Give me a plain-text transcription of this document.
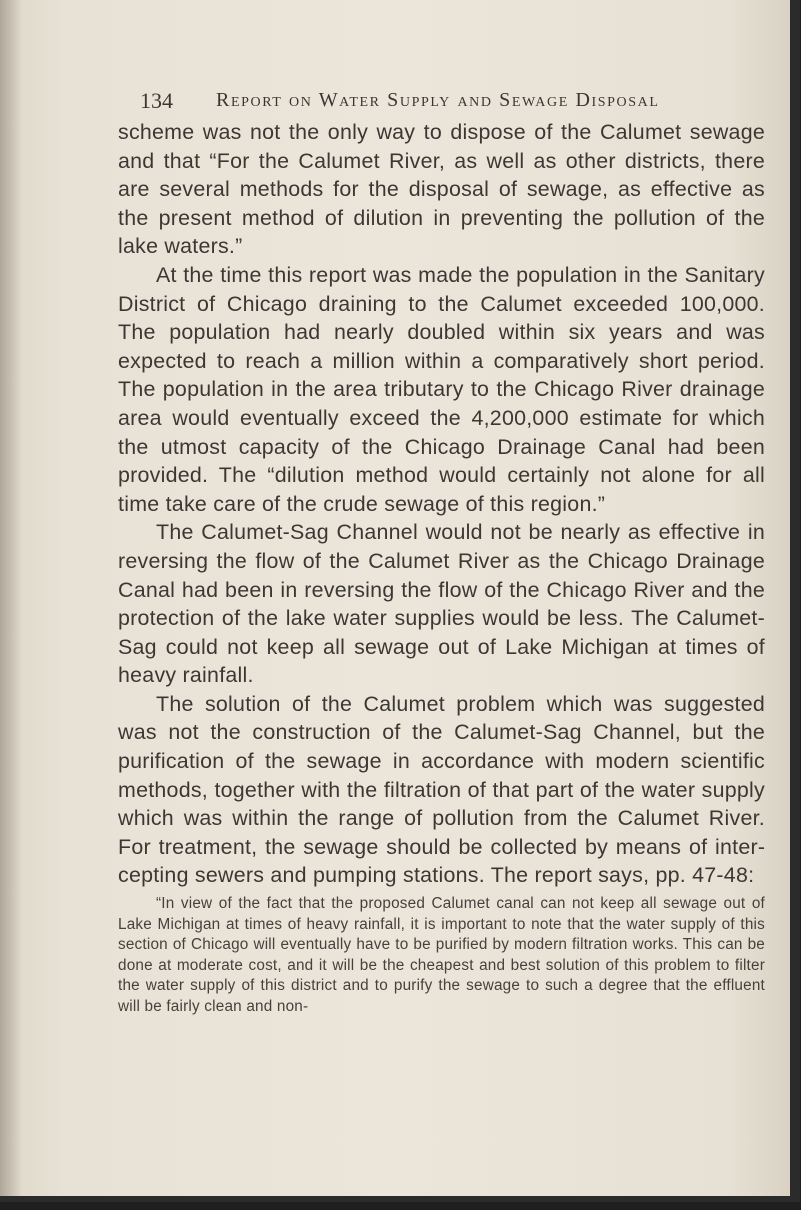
134 Report on Water Supply and Sewage Disposal

scheme was not the only way to dispose of the Calumet sewage and that “For the Calumet River, as well as other districts, there are several methods for the disposal of sewage, as effective as the present method of dilution in preventing the pollution of the lake waters.”

At the time this report was made the population in the Sanitary District of Chicago draining to the Calumet exceeded 100,000. The population had nearly doubled within six years and was expected to reach a million within a comparatively short period. The population in the area tributary to the Chicago River drainage area would eventually exceed the 4,200,000 estimate for which the utmost capacity of the Chicago Drainage Canal had been provided. The “dilution method would certainly not alone for all time take care of the crude sewage of this region.”

The Calumet-Sag Channel would not be nearly as effective in reversing the flow of the Calumet River as the Chicago Drainage Canal had been in reversing the flow of the Chicago River and the protection of the lake water supplies would be less. The Calumet-Sag could not keep all sewage out of Lake Michigan at times of heavy rainfall.

The solution of the Calumet problem which was suggested was not the construction of the Calumet-Sag Channel, but the purification of the sewage in accordance with modern scientific methods, together with the filtration of that part of the water supply which was within the range of pollution from the Calumet River. For treatment, the sewage should be collected by means of intercepting sewers and pumping stations. The report says, pp. 47-48:

“In view of the fact that the proposed Calumet canal can not keep all sewage out of Lake Michigan at times of heavy rainfall, it is important to note that the water supply of this section of Chicago will eventually have to be purified by modern filtration works. This can be done at moderate cost, and it will be the cheapest and best solution of this problem to filter the water supply of this district and to purify the sewage to such a degree that the effluent will be fairly clean and non-
